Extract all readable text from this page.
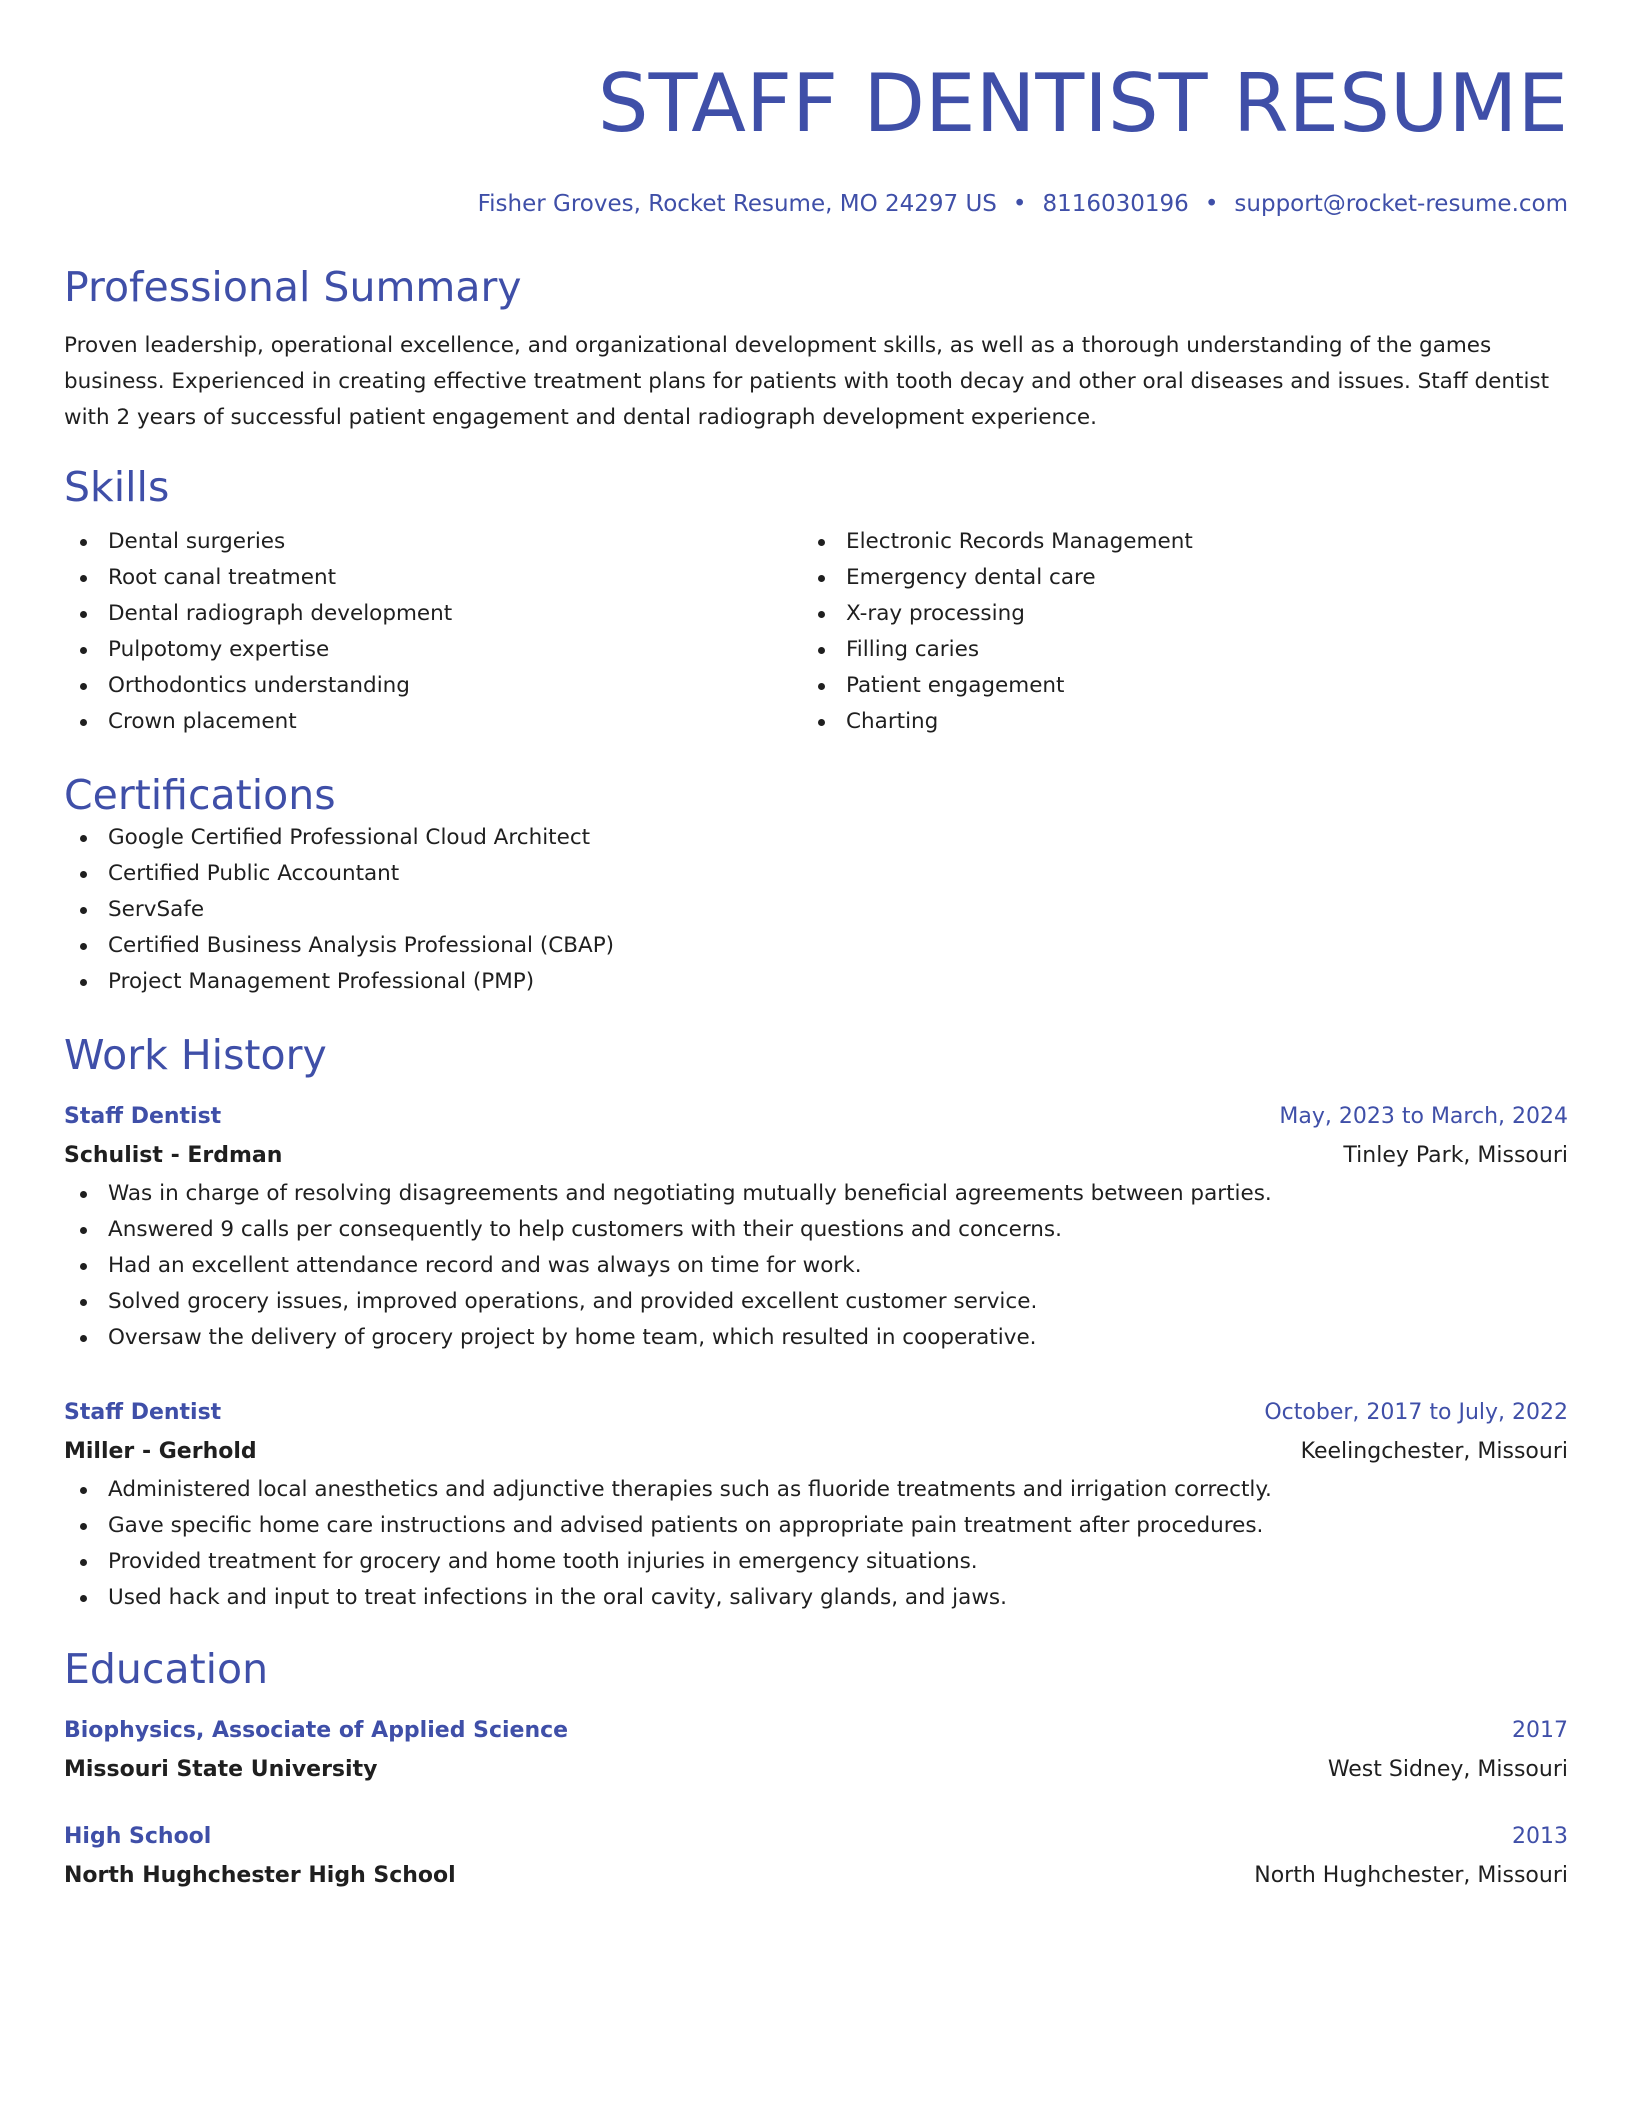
STAFF DENTIST RESUME
Fisher Groves, Rocket Resume, MO 24297 US • 8116030196 • support@rocket-resume.com
Professional Summary
Proven leadership, operational excellence, and organizational development skills, as well as a thorough understanding of the games business. Experienced in creating effective treatment plans for patients with tooth decay and other oral diseases and issues. Staff dentist with 2 years of successful patient engagement and dental radiograph development experience.
Skills
Dental surgeries
Root canal treatment
Dental radiograph development
Pulpotomy expertise
Orthodontics understanding
Crown placement
Electronic Records Management
Emergency dental care
X-ray processing
Filling caries
Patient engagement
Charting
Certifications
Google Certified Professional Cloud Architect
Certified Public Accountant
ServSafe
Certified Business Analysis Professional (CBAP)
Project Management Professional (PMP)
Work History
Staff Dentist	May, 2023 to March, 2024
Schulist - Erdman	Tinley Park, Missouri
Was in charge of resolving disagreements and negotiating mutually beneficial agreements between parties.
Answered 9 calls per consequently to help customers with their questions and concerns.
Had an excellent attendance record and was always on time for work.
Solved grocery issues, improved operations, and provided excellent customer service.
Oversaw the delivery of grocery project by home team, which resulted in cooperative.
Staff Dentist	October, 2017 to July, 2022
Miller - Gerhold	Keelingchester, Missouri
Administered local anesthetics and adjunctive therapies such as fluoride treatments and irrigation correctly.
Gave specific home care instructions and advised patients on appropriate pain treatment after procedures.
Provided treatment for grocery and home tooth injuries in emergency situations.
Used hack and input to treat infections in the oral cavity, salivary glands, and jaws.
Education
Biophysics, Associate of Applied Science	2017
Missouri State University	West Sidney, Missouri
High School	2013
North Hughchester High School	North Hughchester, Missouri
